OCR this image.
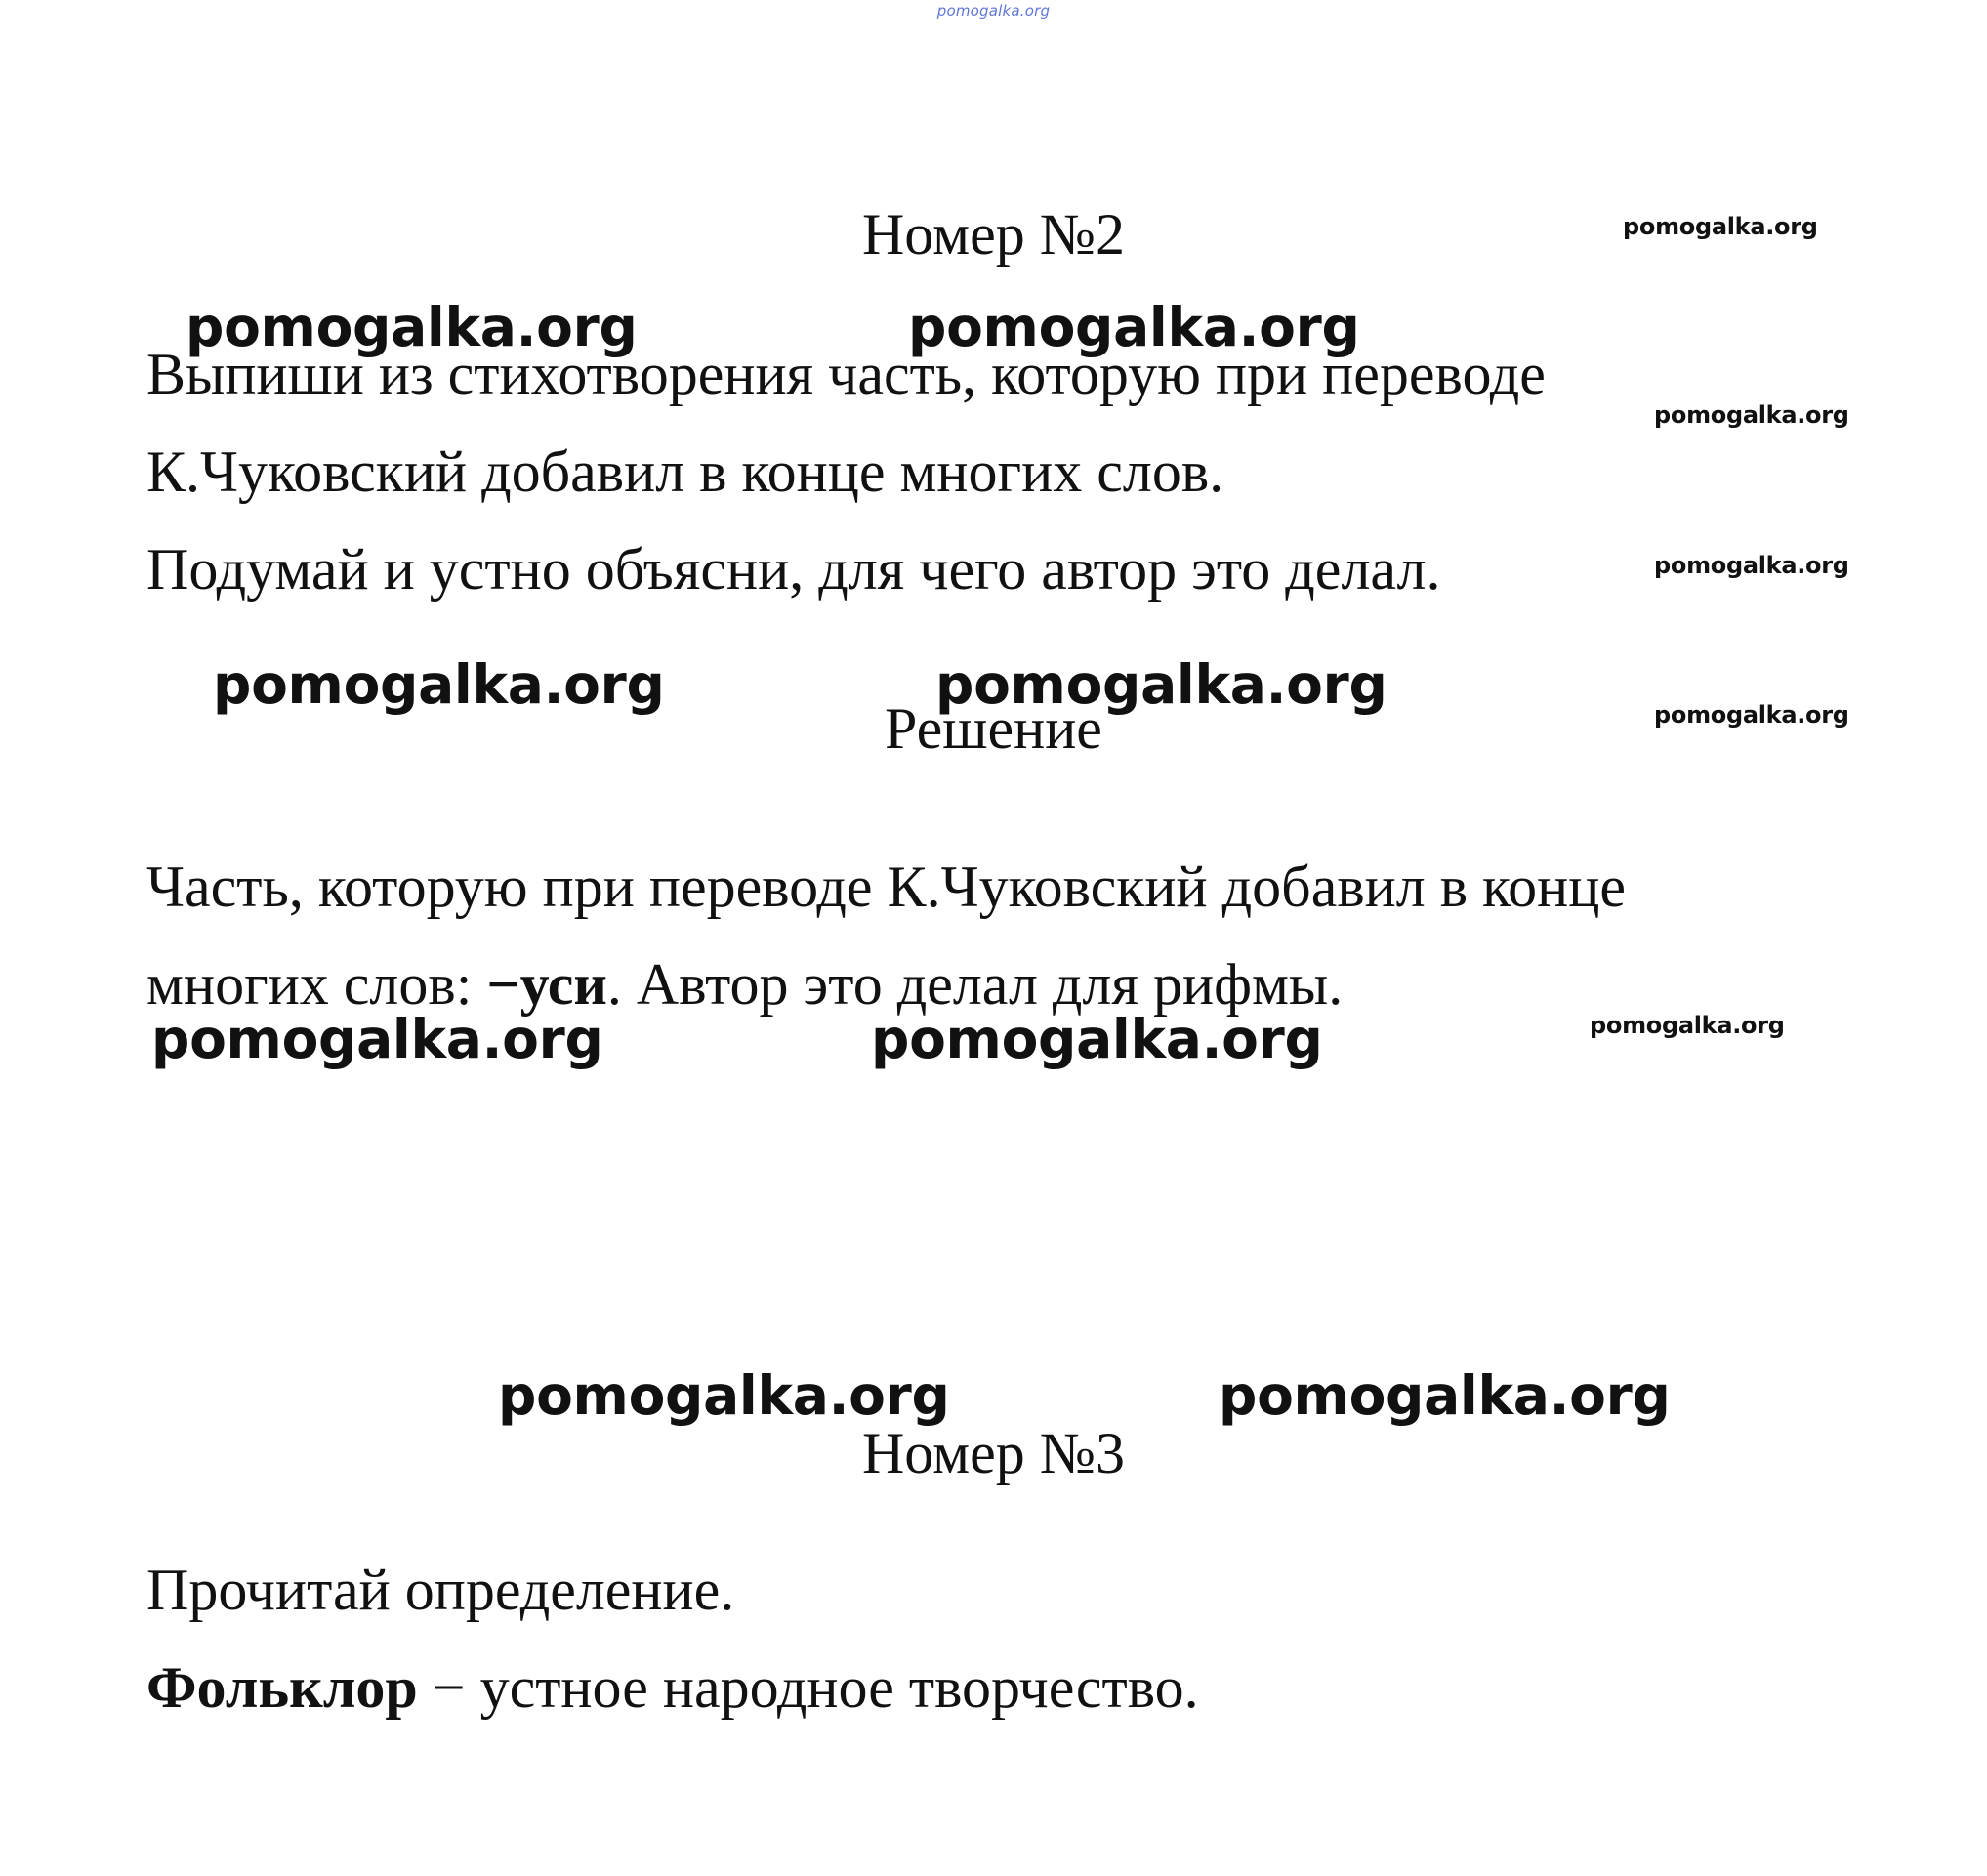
pomogalka.org
Номер №2
Выпиши из стихотворения часть, которую при переводе
К.Чуковский добавил в конце многих слов.
Подумай и устно объясни, для чего автор это делал.
Решение
Часть, которую при переводе К.Чуковский добавил в конце
многих слов: −уси. Автор это делал для рифмы.
Номер №3
Прочитай определение.
Фольклор − устное народное творчество.
pomogalka.org	pomogalka.org
pomogalka.org	pomogalka.org
pomogalka.org	pomogalka.org
pomogalka.org	pomogalka.org
pomogalka.org
pomogalka.org
pomogalka.org
pomogalka.org
pomogalka.org
